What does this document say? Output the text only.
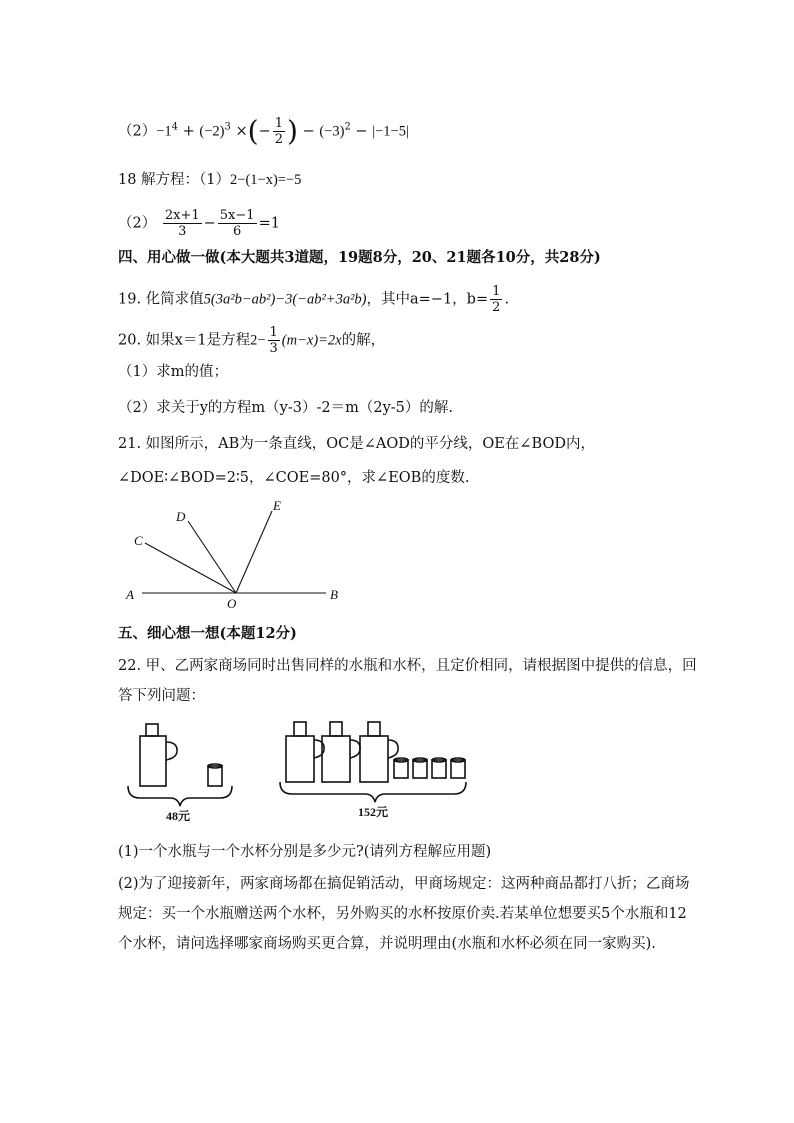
$(2)-1^4 + (-2)^3$ ×(− $\frac{1}{2}$ ) − $(-3)^2 - |-1-5|$
18 解方程：（1）2−(1−x)=−5
$(2) \frac{2x+1}{3} - \frac{5x-1}{6} =1$
四、用心做一做(本大题共3道题，19题8分，20、21题各10分，共28分)
19. 化简求值5(3a²b−ab²)−3(−ab²+3a²b)，其中a=−1，$b= \frac{1}{2}$ .
20. 如果x＝1是方程$2- \frac{1}{3} (m-x)=2x$的解，
（1）求m的值；
（2）求关于y的方程m（y-3）-2＝m（2y-5）的解.
21. 如图所示，AB为一条直线，OC是∠AOD的平分线，OE在∠BOD内，
∠DOE∶∠BOD=2∶5，∠COE=80°，求∠EOB的度数.
A	B
C
D
E
O
五、细心想一想(本题12分)
22. 甲、乙两家商场同时出售同样的水瓶和水杯，且定价相同，请根据图中提供的信息，回
答下列问题：
48元	152元
(1)一个水瓶与一个水杯分别是多少元?(请列方程解应用题)
(2)为了迎接新年，两家商场都在搞促销活动，甲商场规定：这两种商品都打八折；乙商场
规定：买一个水瓶赠送两个水杯，另外购买的水杯按原价卖.若某单位想要买5个水瓶和12
个水杯，请问选择哪家商场购买更合算，并说明理由(水瓶和水杯必须在同一家购买).
